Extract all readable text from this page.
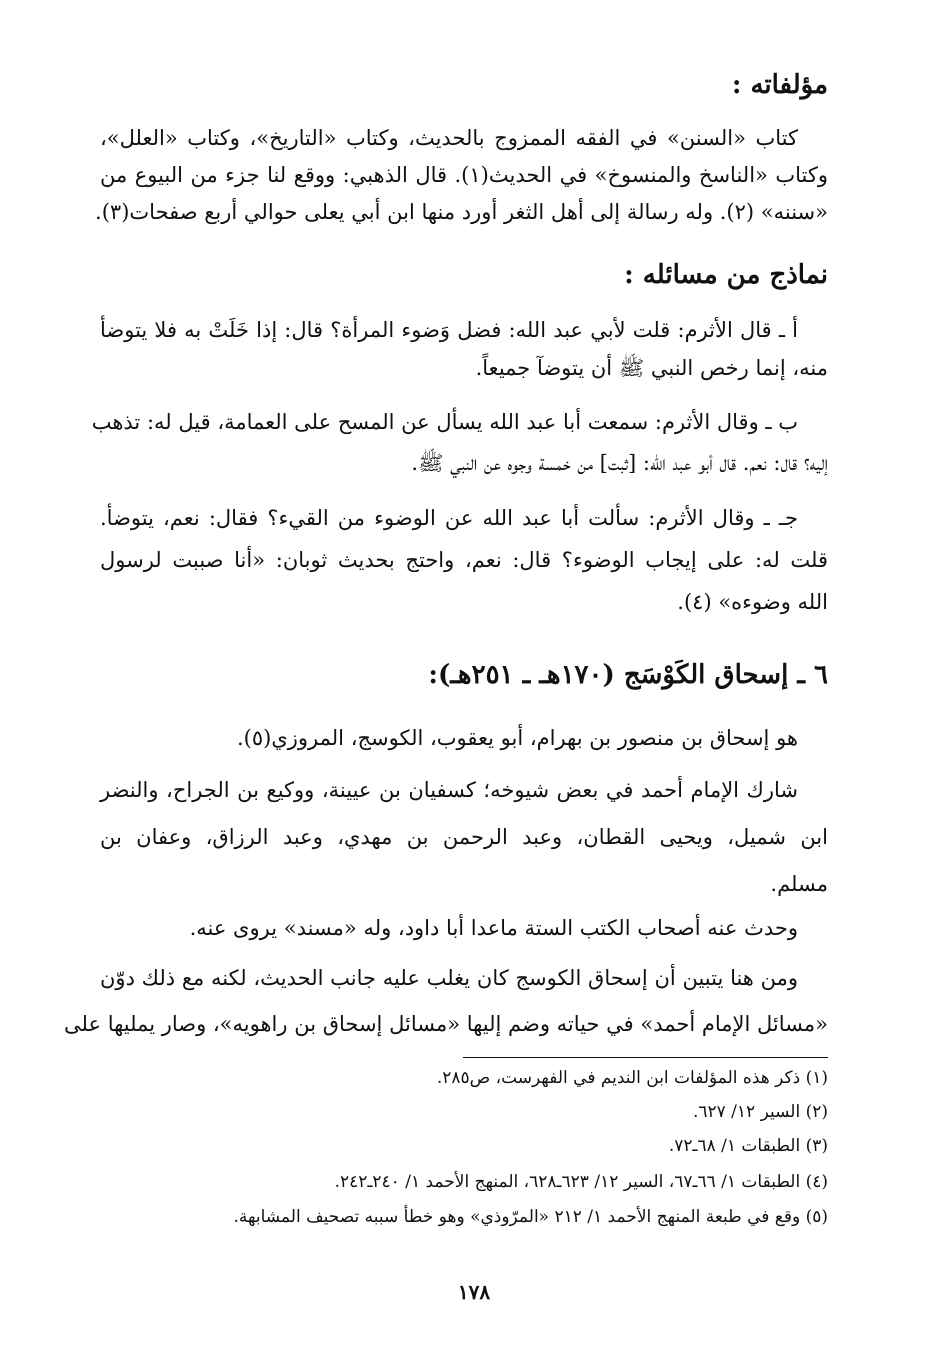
مؤلفاته :
كتاب «السنن» في الفقه الممزوج بالحديث، وكتاب «التاريخ»، وكتاب «العلل»،
وكتاب «الناسخ والمنسوخ» في الحديث(١). قال الذهبي: ووقع لنا جزء من البيوع من
«سننه» (٢). وله رسالة إلى أهل الثغر أورد منها ابن أبي يعلى حوالي أربع صفحات(٣).
نماذج من مسائله :
أ ـ قال الأثرم: قلت لأبي عبد الله: فضل وَضوء المرأة؟ قال: إذا خَلَتْ به فلا يتوضأ
منه، إنما رخص النبي ﷺ أن يتوضآ جميعاً.
ب ـ وقال الأثرم: سمعت أبا عبد الله يسأل عن المسح على العمامة، قيل له: تذهب
إليه؟ قال: نعم. قال أبو عبد الله: [ثبت] من خمسة وجوه عن النبي ﷺ.
جـ ـ وقال الأثرم: سألت أبا عبد الله عن الوضوء من القيء؟ فقال: نعم، يتوضأ.
قلت له: على إيجاب الوضوء؟ قال: نعم، واحتج بحديث ثوبان: «أنا صببت لرسول
الله وضوءه» (٤).
٦ ـ إسحاق الكَوْسَج (١٧٠هـ ـ ٢٥١هـ):
هو إسحاق بن منصور بن بهرام، أبو يعقوب، الكوسج، المروزي(٥).
شارك الإمام أحمد في بعض شيوخه؛ كسفيان بن عيينة، ووكيع بن الجراح، والنضر
ابن شميل، ويحيى القطان، وعبد الرحمن بن مهدي، وعبد الرزاق، وعفان بن
مسلم.
وحدث عنه أصحاب الكتب الستة ماعدا أبا داود، وله «مسند» يروى عنه.
ومن هنا يتبين أن إسحاق الكوسج كان يغلب عليه جانب الحديث، لكنه مع ذلك دوّن
«مسائل الإمام أحمد» في حياته وضم إليها «مسائل إسحاق بن راهويه»، وصار يمليها على
(١) ذكر هذه المؤلفات ابن النديم في الفهرست، ص٢٨٥.
(٢) السير ١٢/ ٦٢٧.
(٣) الطبقات ١/ ٦٨ـ٧٢.
(٤) الطبقات ١/ ٦٦ـ٦٧، السير ١٢/ ٦٢٣ـ٦٢٨، المنهج الأحمد ١/ ٢٤٠ـ٢٤٢.
(٥) وقع في طبعة المنهج الأحمد ١/ ٢١٢ «المرّوذي» وهو خطأ سببه تصحيف المشابهة.
١٧٨
